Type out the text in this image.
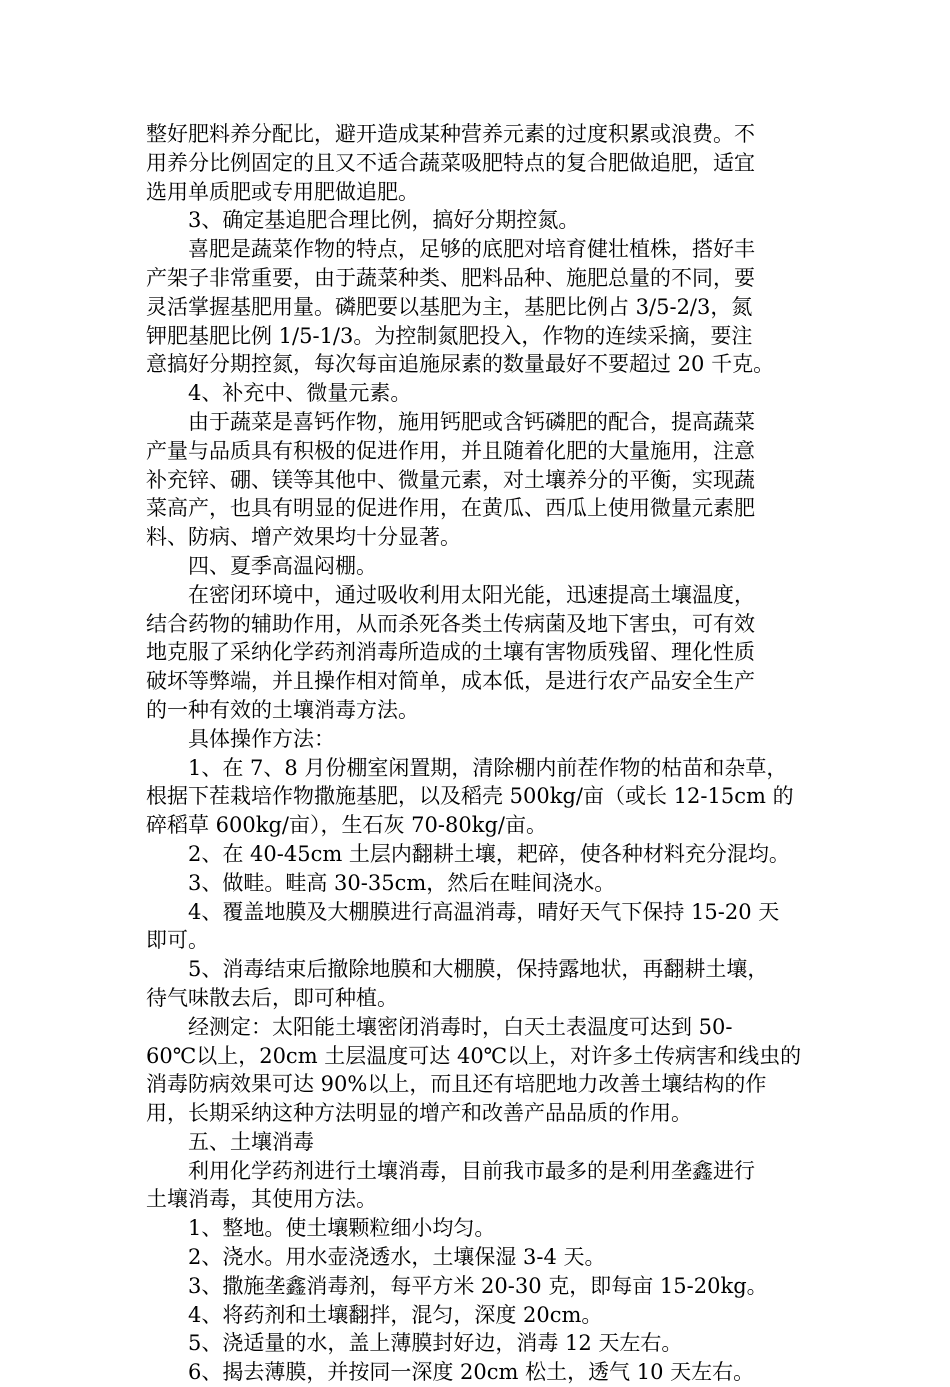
整好肥料养分配比，避开造成某种营养元素的过度积累或浪费。不
用养分比例固定的且又不适合蔬菜吸肥特点的复合肥做追肥，适宜
选用单质肥或专用肥做追肥。
3、确定基追肥合理比例，搞好分期控氮。
喜肥是蔬菜作物的特点，足够的底肥对培育健壮植株，搭好丰
产架子非常重要，由于蔬菜种类、肥料品种、施肥总量的不同，要
灵活掌握基肥用量。磷肥要以基肥为主，基肥比例占 3/5-2/3，氮
钾肥基肥比例 1/5-1/3。为控制氮肥投入，作物的连续采摘，要注
意搞好分期控氮，每次每亩追施尿素的数量最好不要超过 20 千克。
4、补充中、微量元素。
由于蔬菜是喜钙作物，施用钙肥或含钙磷肥的配合，提高蔬菜
产量与品质具有积极的促进作用，并且随着化肥的大量施用，注意
补充锌、硼、镁等其他中、微量元素，对土壤养分的平衡，实现蔬
菜高产，也具有明显的促进作用，在黄瓜、西瓜上使用微量元素肥
料、防病、增产效果均十分显著。
四、夏季高温闷棚。
在密闭环境中，通过吸收利用太阳光能，迅速提高土壤温度，
结合药物的辅助作用，从而杀死各类土传病菌及地下害虫，可有效
地克服了采纳化学药剂消毒所造成的土壤有害物质残留、理化性质
破坏等弊端，并且操作相对简单，成本低，是进行农产品安全生产
的一种有效的土壤消毒方法。
具体操作方法：
1、在 7、8 月份棚室闲置期，清除棚内前茬作物的枯苗和杂草，
根据下茬栽培作物撒施基肥，以及稻壳 500kg/亩（或长 12-15cm 的
碎稻草 600kg/亩），生石灰 70-80kg/亩。
2、在 40-45cm 土层内翻耕土壤，耙碎，使各种材料充分混均。
3、做畦。畦高 30-35cm，然后在畦间浇水。
4、覆盖地膜及大棚膜进行高温消毒，晴好天气下保持 15-20 天
即可。
5、消毒结束后撤除地膜和大棚膜，保持露地状，再翻耕土壤，
待气味散去后，即可种植。
经测定：太阳能土壤密闭消毒时，白天土表温度可达到 50-
60℃以上，20cm 土层温度可达 40℃以上，对许多土传病害和线虫的
消毒防病效果可达 90%以上，而且还有培肥地力改善土壤结构的作
用，长期采纳这种方法明显的增产和改善产品品质的作用。
五、土壤消毒
利用化学药剂进行土壤消毒，目前我市最多的是利用垄鑫进行
土壤消毒，其使用方法。
1、整地。使土壤颗粒细小均匀。
2、浇水。用水壶浇透水，土壤保湿 3-4 天。
3、撒施垄鑫消毒剂，每平方米 20-30 克，即每亩 15-20kg。
4、将药剂和土壤翻拌，混匀，深度 20cm。
5、浇适量的水，盖上薄膜封好边，消毒 12 天左右。
6、揭去薄膜，并按同一深度 20cm 松土，透气 10 天左右。
